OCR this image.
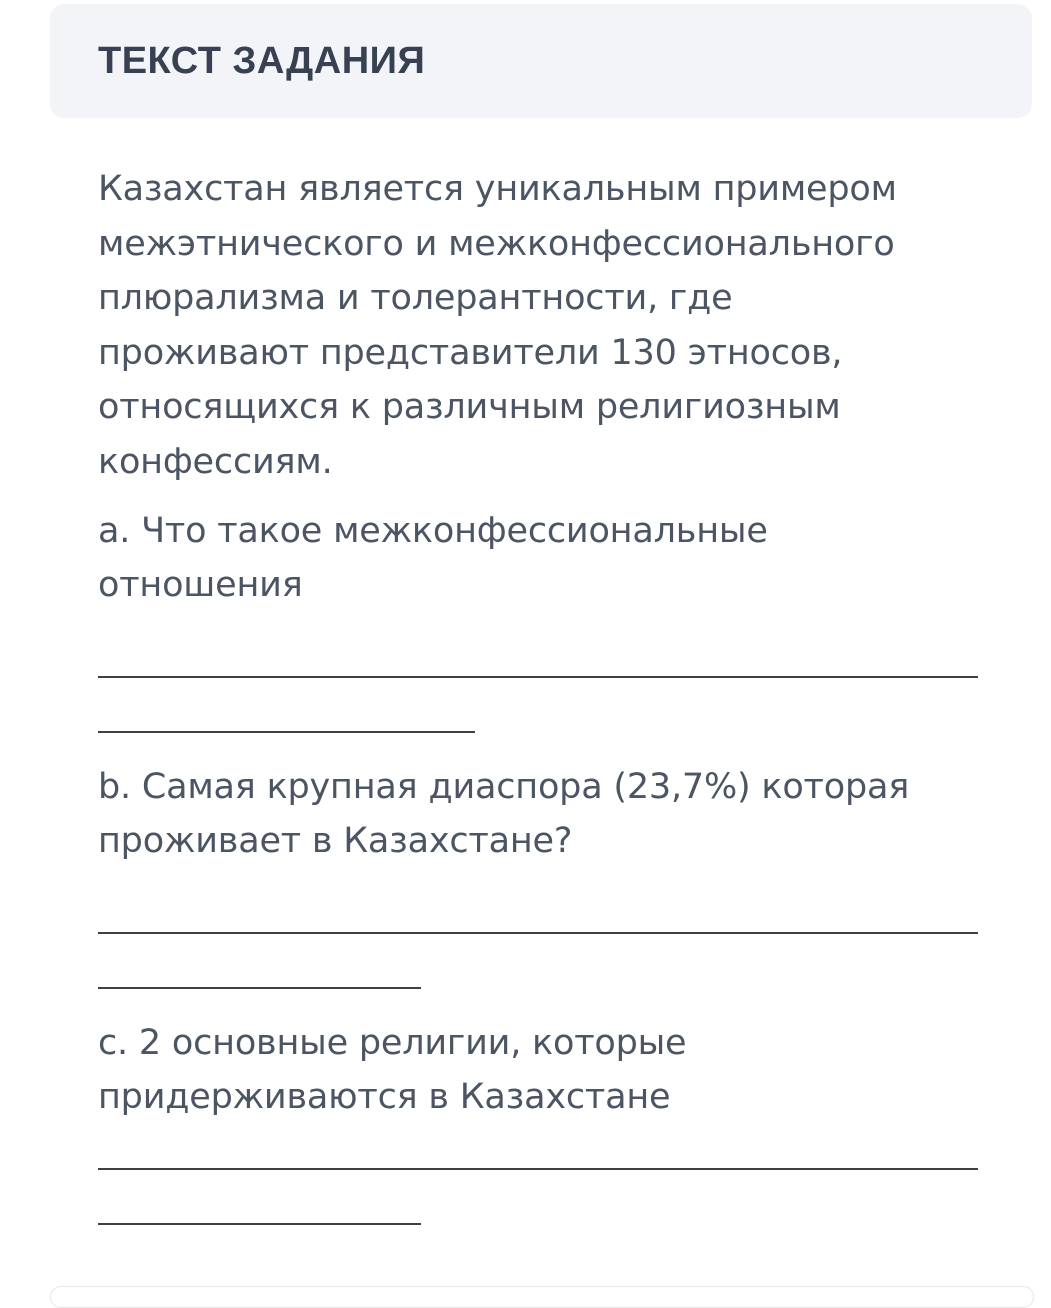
ТЕКСТ ЗАДАНИЯ

Казахстан является уникальным примером

межэтнического и межконфессионального

плюрализма и толерантности, где

проживают представители 130 этносов,

относящихся к различным религиозным

конфессиям.

a. Что такое межконфессиональные

отношения

b. Самая крупная диаспора (23,7%) которая

проживает в Казахстане?

c. 2 основные религии, которые

придерживаются в Казахстане
